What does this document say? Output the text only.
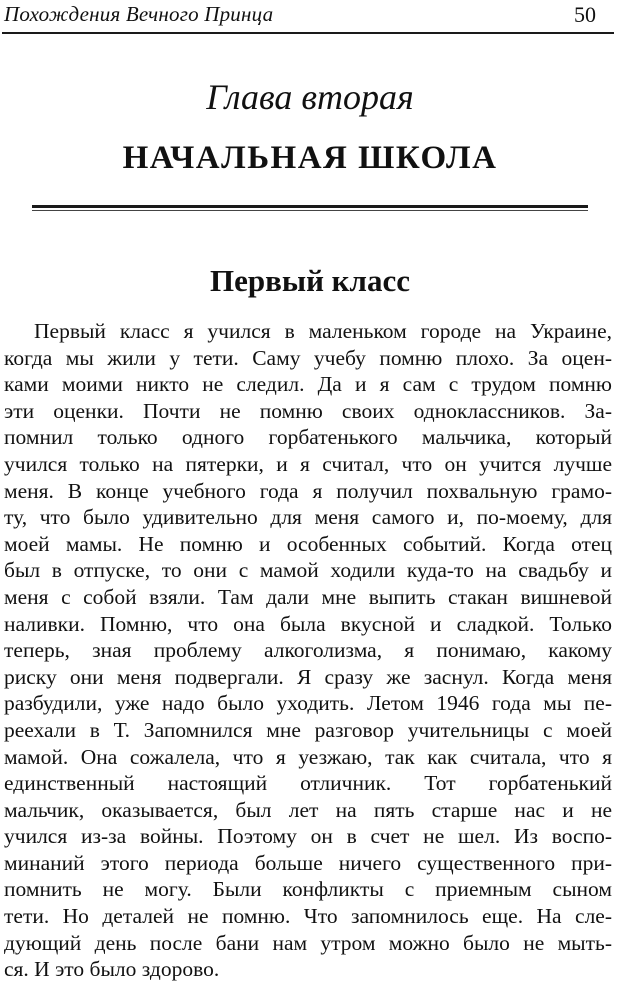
Похождения Вечного Принца	50
Глава вторая
НАЧАЛЬНАЯ ШКОЛА
Первый класс
Первый класс я учился в маленьком городе на Украине,
когда мы жили у тети. Саму учебу помню плохо. За оцен-
ками моими никто не следил. Да и я сам с трудом помню
эти оценки. Почти не помню своих одноклассников. За-
помнил только одного горбатенького мальчика, который
учился только на пятерки, и я считал, что он учится лучше
меня. В конце учебного года я получил похвальную грамо-
ту, что было удивительно для меня самого и, по-моему, для
моей мамы. Не помню и особенных событий. Когда отец
был в отпуске, то они с мамой ходили куда-то на свадьбу и
меня с собой взяли. Там дали мне выпить стакан вишневой
наливки. Помню, что она была вкусной и сладкой. Только
теперь, зная проблему алкоголизма, я понимаю, какому
риску они меня подвергали. Я сразу же заснул. Когда меня
разбудили, уже надо было уходить. Летом 1946 года мы пе-
реехали в Т. Запомнился мне разговор учительницы с моей
мамой. Она сожалела, что я уезжаю, так как считала, что я
единственный настоящий отличник. Тот горбатенький
мальчик, оказывается, был лет на пять старше нас и не
учился из-за войны. Поэтому он в счет не шел. Из воспо-
минаний этого периода больше ничего существенного при-
помнить не могу. Были конфликты с приемным сыном
тети. Но деталей не помню. Что запомнилось еще. На сле-
дующий день после бани нам утром можно было не мыть-
ся. И это было здорово.
